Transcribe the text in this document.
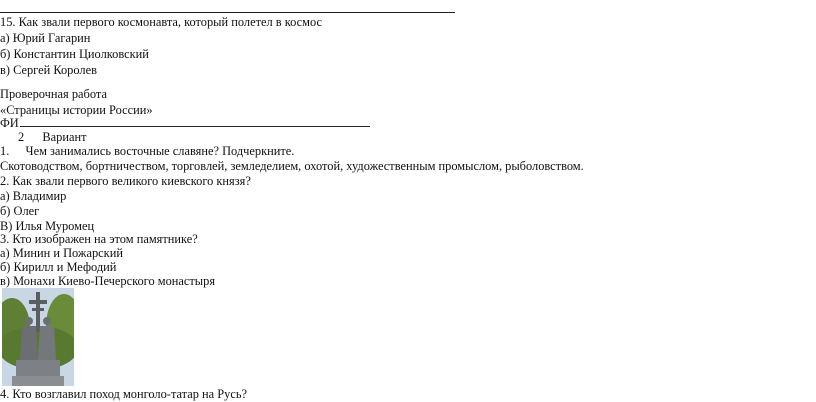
15. Как звали первого космонавта, который полетел в космос
а) Юрий Гагарин
б) Константин Циолковский
в) Сергей Королев
Проверочная работа
«Страницы истории России»
ФИ
2 Вариант
1. Чем занимались восточные славяне? Подчеркните.
Скотоводством, бортничеством, торговлей, земледелием, охотой, художественным промыслом, рыболовством.
2. Как звали первого великого киевского князя?
а) Владимир
б) Олег
В) Илья Муромец
3. Кто изображен на этом памятнике?
а) Минин и Пожарский
б) Кирилл и Мефодий
в) Монахи Киево-Печерского монастыря
4. Кто возглавил поход монголо-татар на Русь?
